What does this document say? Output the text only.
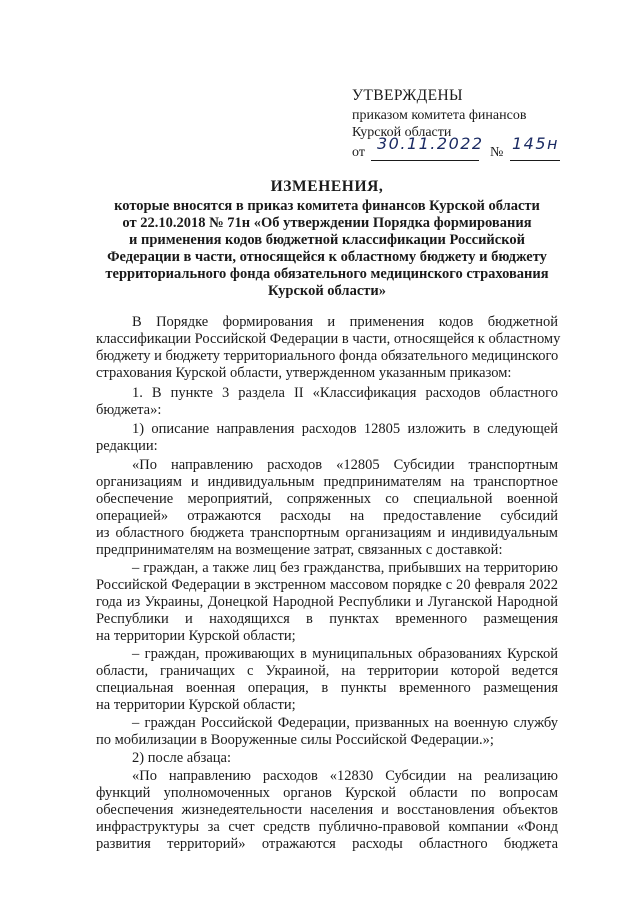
УТВЕРЖДЕНЫ
приказом комитета финансов
Курской области
от 30.11.2022 № 145н
ИЗМЕНЕНИЯ,
которые вносятся в приказ комитета финансов Курской области
от 22.10.2018 № 71н «Об утверждении Порядка формирования
и применения кодов бюджетной классификации Российской
Федерации в части, относящейся к областному бюджету и бюджету
территориального фонда обязательного медицинского страхования
Курской области»
В Порядке формирования и применения кодов бюджетной
классификации Российской Федерации в части, относящейся к областному
бюджету и бюджету территориального фонда обязательного медицинского
страхования Курской области, утвержденном указанным приказом:
1. В пункте 3 раздела II «Классификация расходов областного
бюджета»:
1) описание направления расходов 12805 изложить в следующей
редакции:
«По направлению расходов «12805 Субсидии транспортным
организациям и индивидуальным предпринимателям на транспортное
обеспечение мероприятий, сопряженных со специальной военной
операцией» отражаются расходы на предоставление субсидий
из областного бюджета транспортным организациям и индивидуальным
предпринимателям на возмещение затрат, связанных с доставкой:
– граждан, а также лиц без гражданства, прибывших на территорию
Российской Федерации в экстренном массовом порядке с 20 февраля 2022
года из Украины, Донецкой Народной Республики и Луганской Народной
Республики и находящихся в пунктах временного размещения
на территории Курской области;
– граждан, проживающих в муниципальных образованиях Курской
области, граничащих с Украиной, на территории которой ведется
специальная военная операция, в пункты временного размещения
на территории Курской области;
– граждан Российской Федерации, призванных на военную службу
по мобилизации в Вооруженные силы Российской Федерации.»;
2) после абзаца:
«По направлению расходов «12830 Субсидии на реализацию
функций уполномоченных органов Курской области по вопросам
обеспечения жизнедеятельности населения и восстановления объектов
инфраструктуры за счет средств публично-правовой компании «Фонд
развития территорий» отражаются расходы областного бюджета
